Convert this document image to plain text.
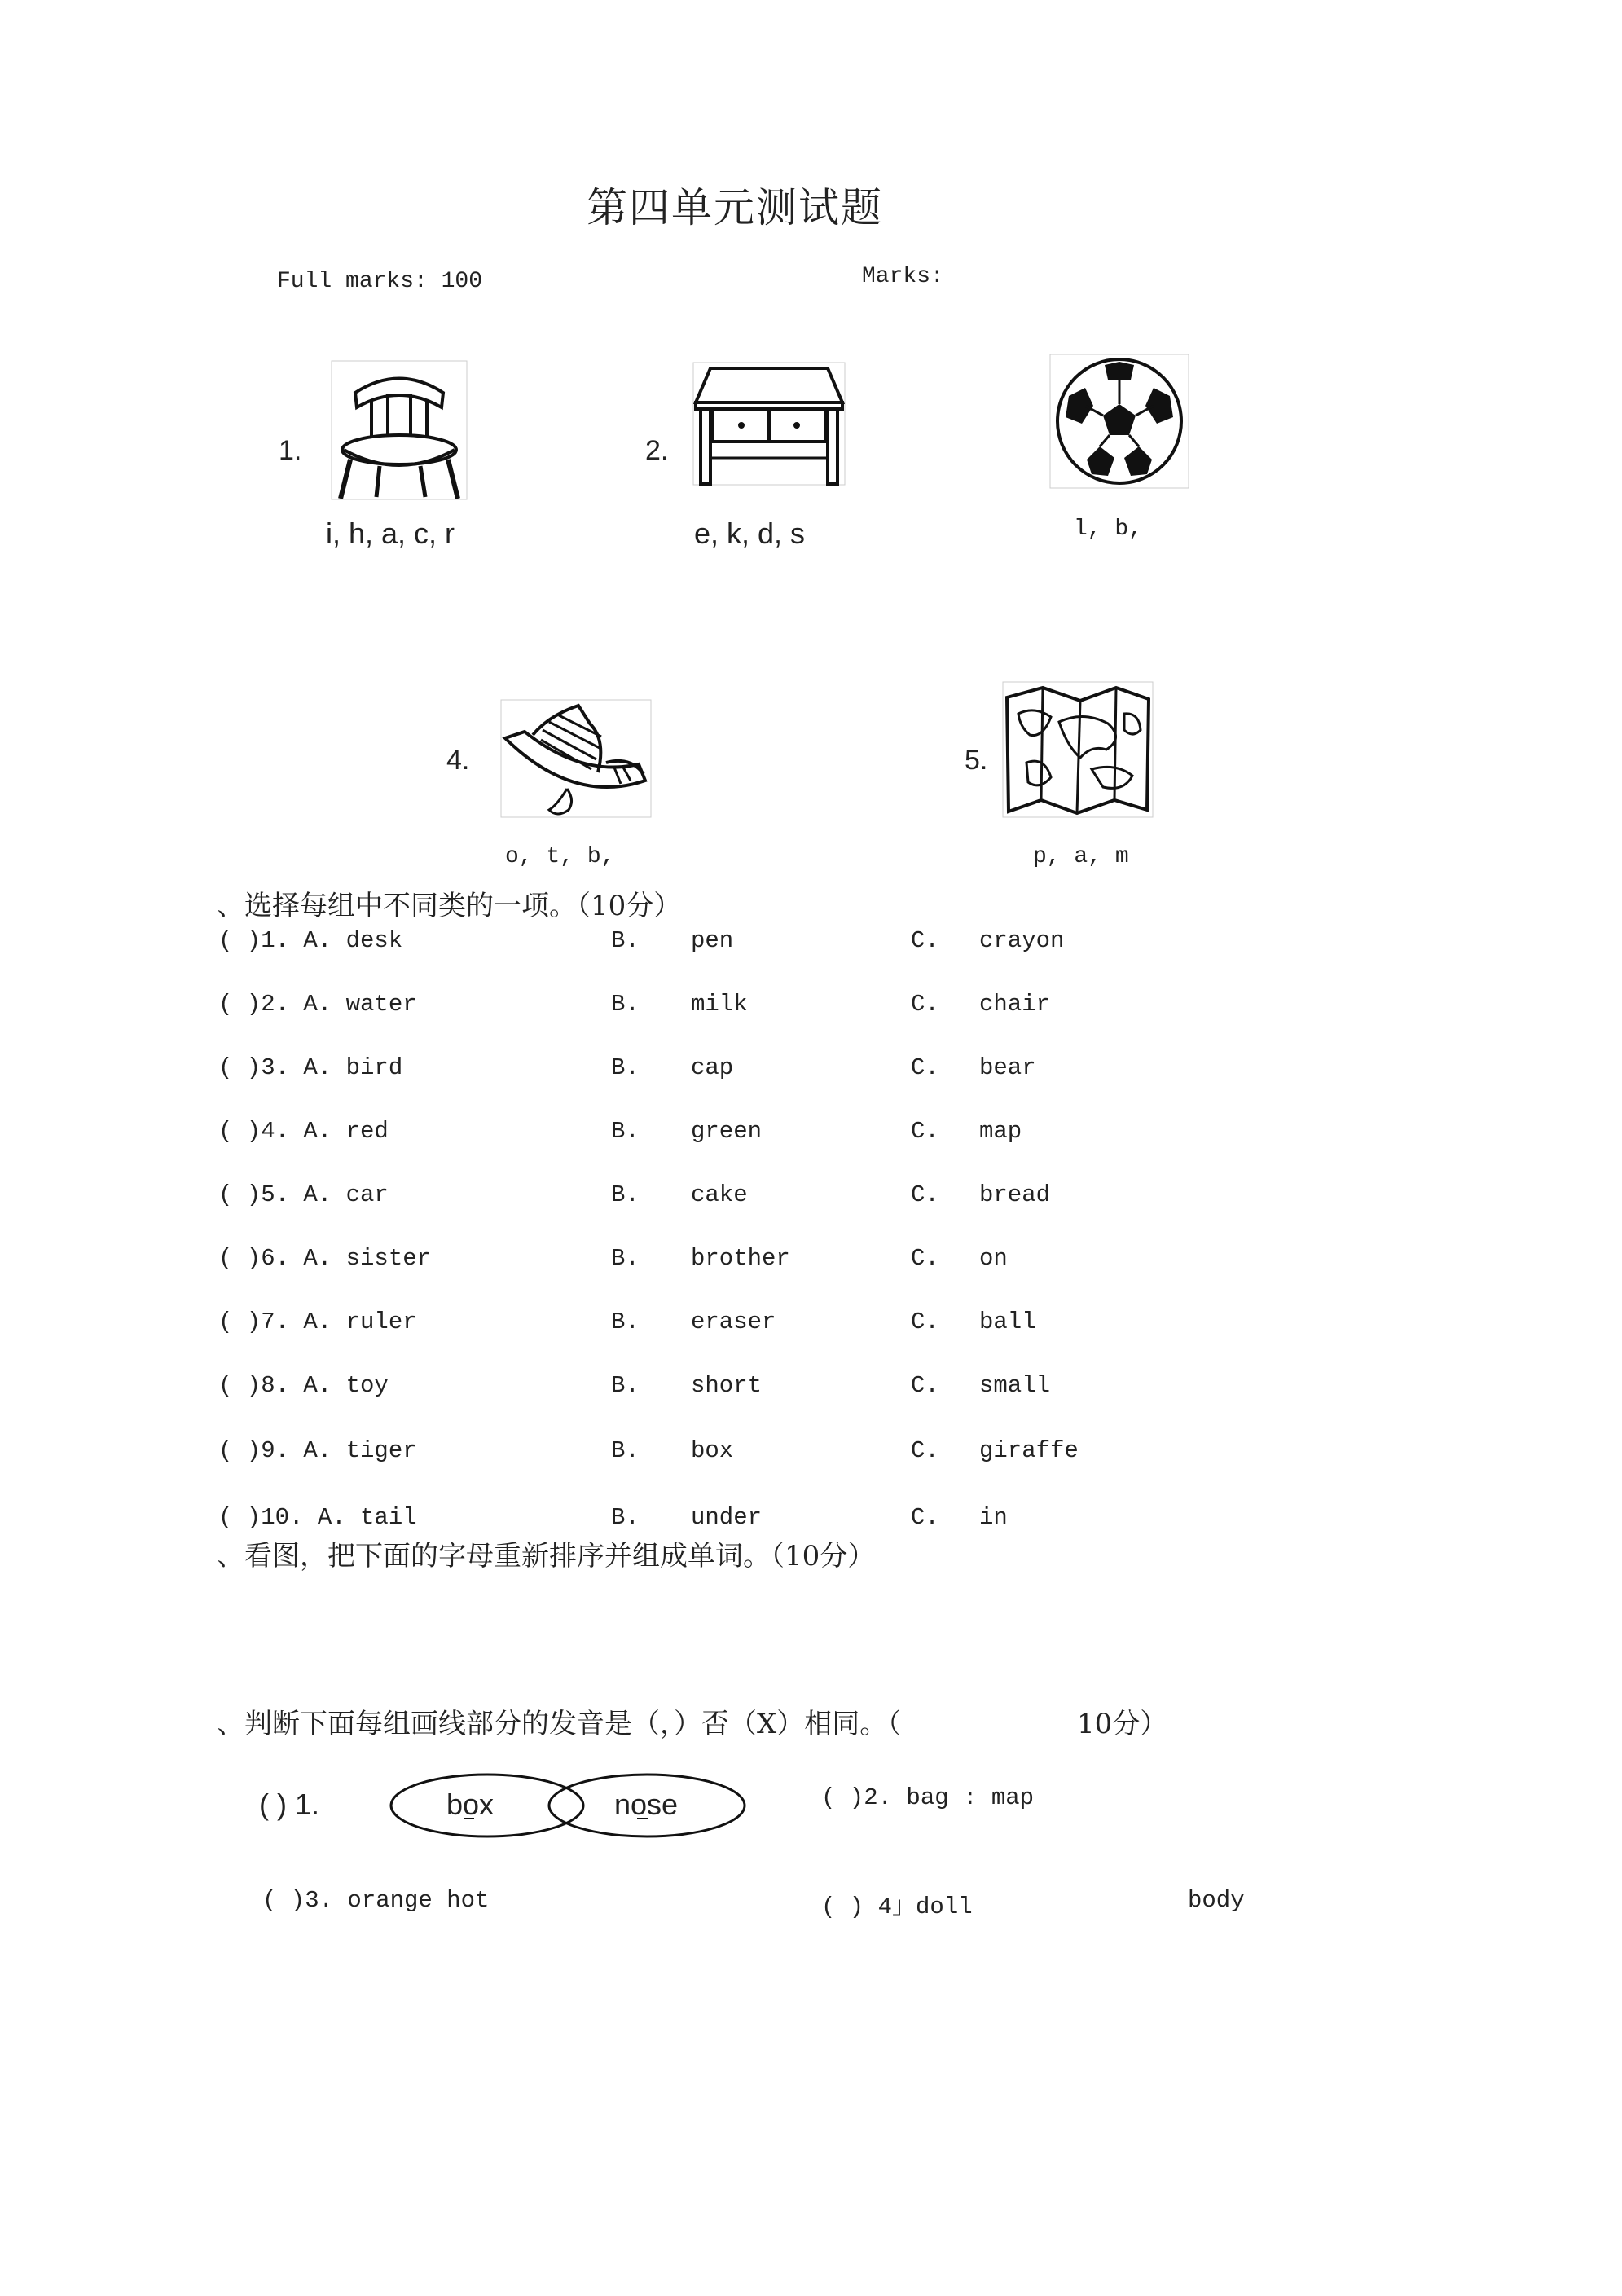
第四单元测试题
Full marks: 100	Marks:
1.
i, h, a, c, r
2.
e, k, d, s	l, b,
4.
o, t, b,
5.
p, a, m
、选择每组中不同类的一项。（10分）
( )1. A. desk	B. pen	C. crayon
( )2. A. water	B. milk	C. chair
( )3. A. bird	B. cap	C. bear
( )4. A. red	B. green	C. map
( )5. A. car	B. cake	C. bread
( )6. A. sister	B. brother	C. on
( )7. A. ruler	B. eraser	C. ball
( )8. A. toy	B. short	C. small
( )9. A. tiger	B. box	C. giraffe
( )10. A. tail	B. under	C. in
、看图，把下面的字母重新排序并组成单词。（10分）
、判断下面每组画线部分的发音是（，）否（X）相同。（	10分）
( ) 1.	box	nose	( )2. bag : map
( )3. orange hot	( ) 4」doll	body
